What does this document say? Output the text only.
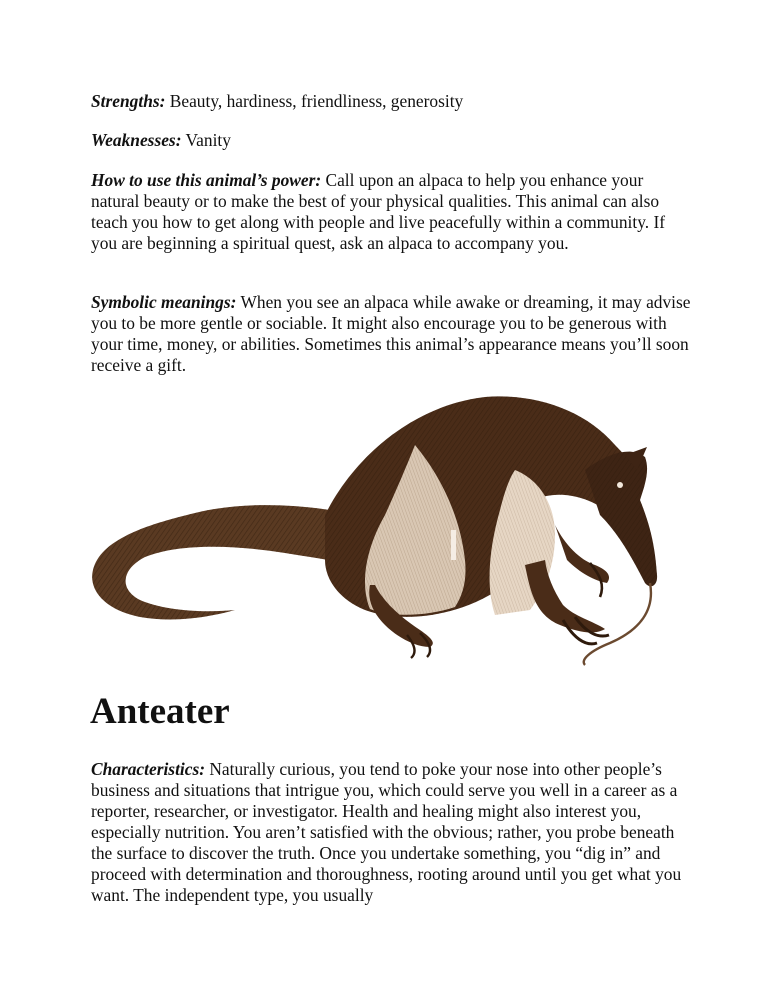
Strengths: Beauty, hardiness, friendliness, generosity

Weaknesses: Vanity

How to use this animal’s power: Call upon an alpaca to help you enhance your natural beauty or to make the best of your physical qualities. This animal can also teach you how to get along with people and live peacefully within a community. If you are beginning a spiritual quest, ask an alpaca to accompany you.

Symbolic meanings: When you see an alpaca while awake or dreaming, it may advise you to be more gentle or sociable. It might also encourage you to be generous with your time, money, or abilities. Sometimes this animal’s appearance means you’ll soon receive a gift.

Anteater

Characteristics: Naturally curious, you tend to poke your nose into other people’s business and situations that intrigue you, which could serve you well in a career as a reporter, researcher, or investigator. Health and healing might also interest you, especially nutrition. You aren’t satisfied with the obvious; rather, you probe beneath the surface to discover the truth. Once you undertake something, you “dig in” and proceed with determination and thoroughness, rooting around until you get what you want. The independent type, you usually
